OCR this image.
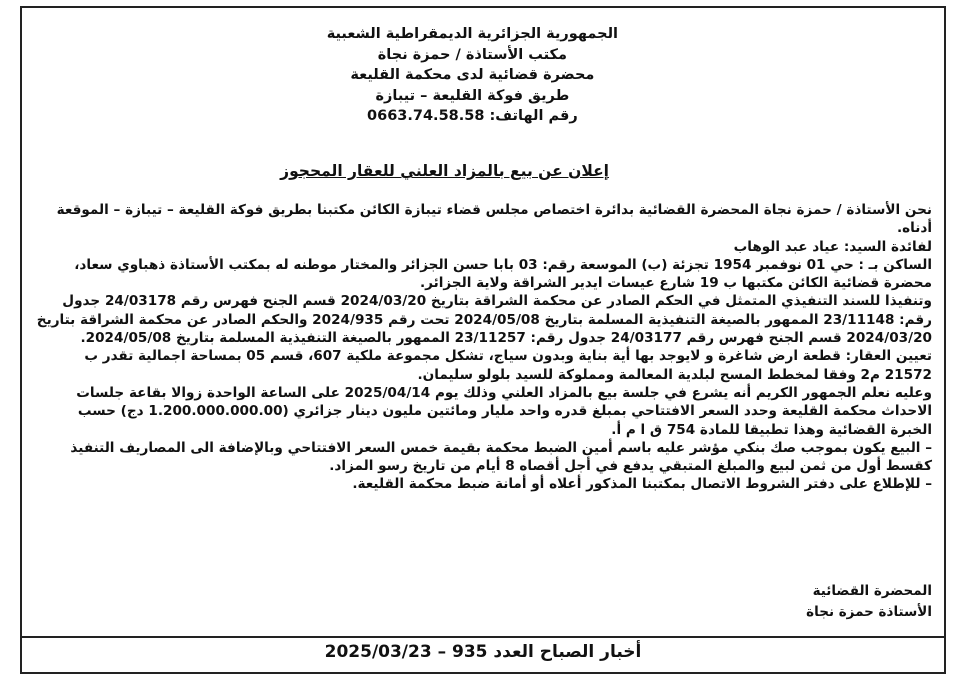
الجمهورية الجزائرية الديمقراطية الشعبية
مكتب الأستاذة / حمزة نجاة
محضرة قضائية لدى محكمة القليعة
طريق فوكة القليعة – تيبازة
رقم الهاتف: 0663.74.58.58
إعلان عن بيع بالمزاد العلني للعقار المحجوز

نحن الأستاذة / حمزة نجاة المحضرة القضائية بدائرة اختصاص مجلس قضاء تيبازة الكائن مكتبنا بطريق فوكة القليعة – تيبازة – الموقعة أدناه.

لفائدة السيد: عياد عبد الوهاب

الساكن بـ : حي 01 نوفمبر 1954 تجزئة (ب) الموسعة رقم: 03 بابا حسن الجزائر والمختار موطنه له بمكتب الأستاذة ذهباوي سعاد، محضرة قضائية الكائن مكتبها ب 19 شارع عيسات ايدير الشراقة ولاية الجزائر.

وتنفيذا للسند التنفيذي المتمثل في الحكم الصادر عن محكمة الشراقة بتاريخ 2024/03/20 قسم الجنح فهرس رقم 24/03178 جدول رقم: 23/11148 الممهور بالصيغة التنفيذية المسلمة بتاريخ 2024/05/08 تحت رقم 2024/935 والحكم الصادر عن محكمة الشراقة بتاريخ 2024/03/20 قسم الجنح فهرس رقم 24/03177 جدول رقم: 23/11257 الممهور بالصيغة التنفيذية المسلمة بتاريخ 2024/05/08.

تعيين العقار: قطعة ارض شاغرة و لايوجد بها أية بناية وبدون سياج، تشكل مجموعة ملكية 607، قسم 05 بمساحة اجمالية تقدر ب 21572 م2 وفقا لمخطط المسح لبلدية المعالمة ومملوكة للسيد بلولو سليمان.

وعليه نعلم الجمهور الكريم أنه يشرع في جلسة بيع بالمزاد العلني وذلك يوم 2025/04/14 على الساعة الواحدة زوالا بقاعة جلسات الاحداث محكمة القليعة وحدد السعر الافتتاحي بمبلغ قدره واحد مليار ومائتين مليون دينار جزائري (1.200.000.000.00 دج) حسب الخبرة القضائية وهذا تطبيقا للمادة 754 ق ا م أ.

– البيع يكون بموجب صك بنكي مؤشر عليه باسم أمين الضبط محكمة بقيمة خمس السعر الافتتاحي وبالإضافة الى المصاريف التنفيذ كقسط أول من ثمن لبيع والمبلغ المتبقي يدفع في أجل أقصاه 8 أيام من تاريخ رسو المزاد.

– للإطلاع على دفتر الشروط الاتصال بمكتبنا المذكور أعلاه أو أمانة ضبط محكمة القليعة.

المحضرة القضائية
الأستاذة حمزة نجاة
أخبار الصباح العدد 935 – 2025/03/23
